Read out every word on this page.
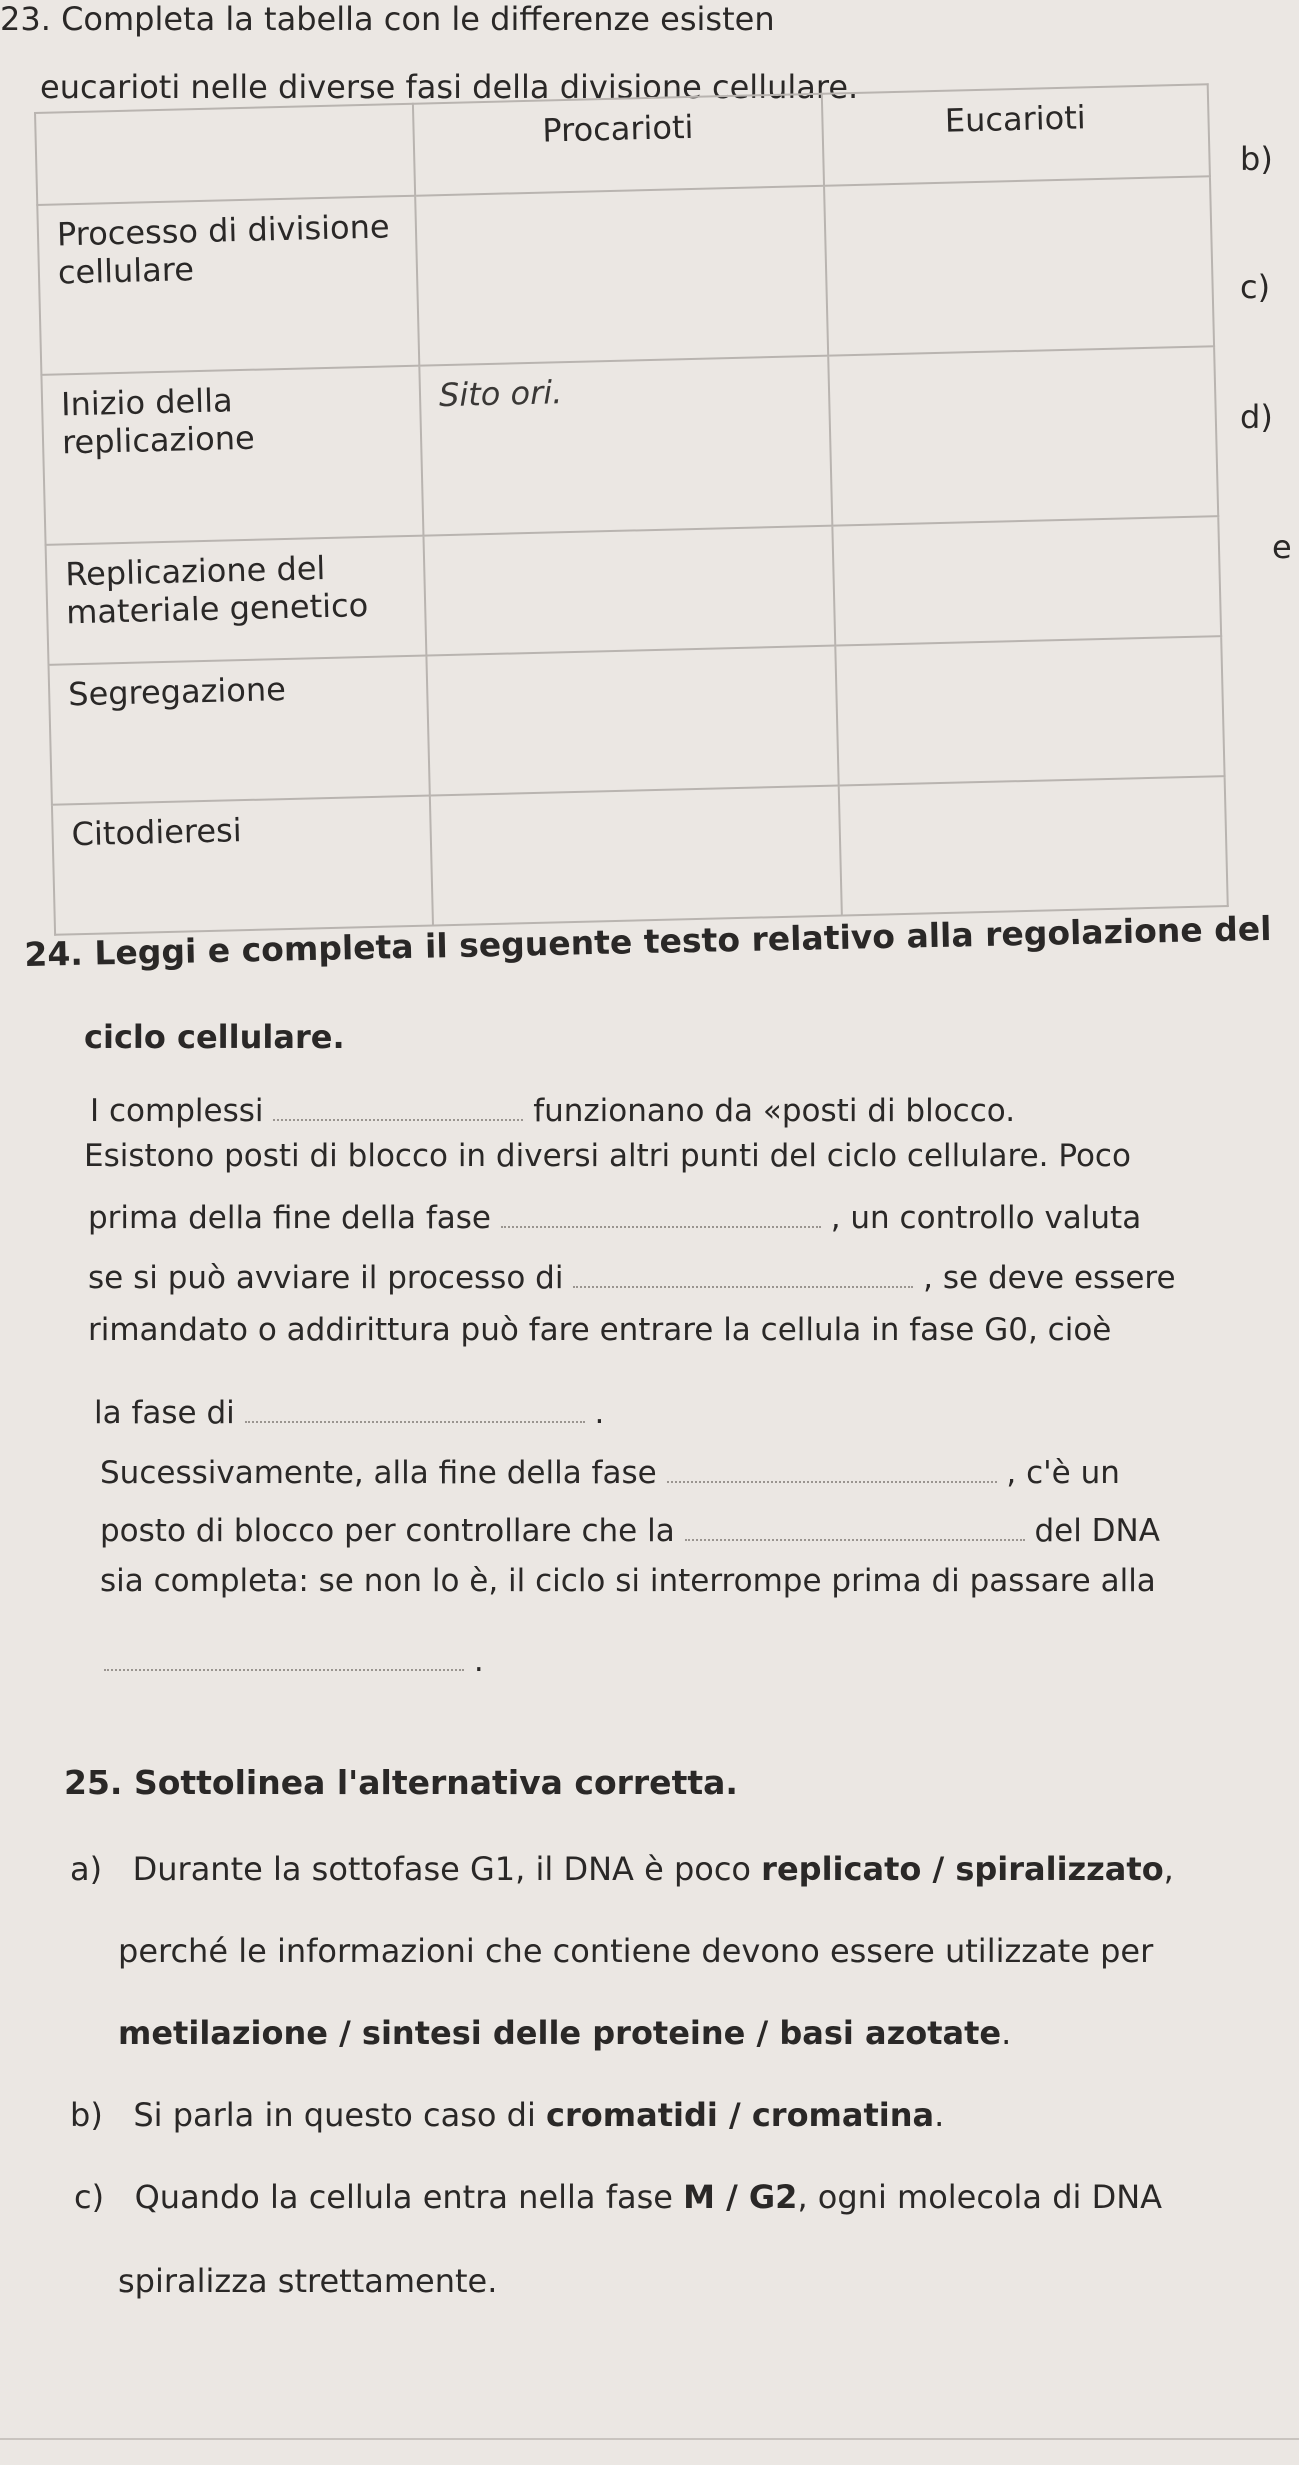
23. Completa la tabella con le differenze esisten
eucarioti nelle diverse fasi della divisione cellulare.
	Procarioti	Eucarioti
Processo di divisione cellulare		
Inizio della replicazione	Sito ori.	
Replicazione del materiale genetico		
Segregazione		
Citodieresi		
b)
c)
d)
e
24. Leggi e completa il seguente testo relativo alla regolazione del
ciclo cellulare.
I complessi	funzionano da «posti di blocco.
Esistono posti di blocco in diversi altri punti del ciclo cellulare. Poco
prima della fine della fase	, un controllo valuta
se si può avviare il processo di	, se deve essere
rimandato o addirittura può fare entrare la cellula in fase G0, cioè
la fase di	.
Sucessivamente, alla fine della fase	, c'è un
posto di blocco per controllare che la	del DNA
sia completa: se non lo è, il ciclo si interrompe prima di passare alla
.
25. Sottolinea l'alternativa corretta.
a) Durante la sottofase G1, il DNA è poco replicato / spiralizzato,
perché le informazioni che contiene devono essere utilizzate per
metilazione / sintesi delle proteine / basi azotate.
b) Si parla in questo caso di cromatidi / cromatina.
c) Quando la cellula entra nella fase M / G2, ogni molecola di DNA
spiralizza strettamente.
